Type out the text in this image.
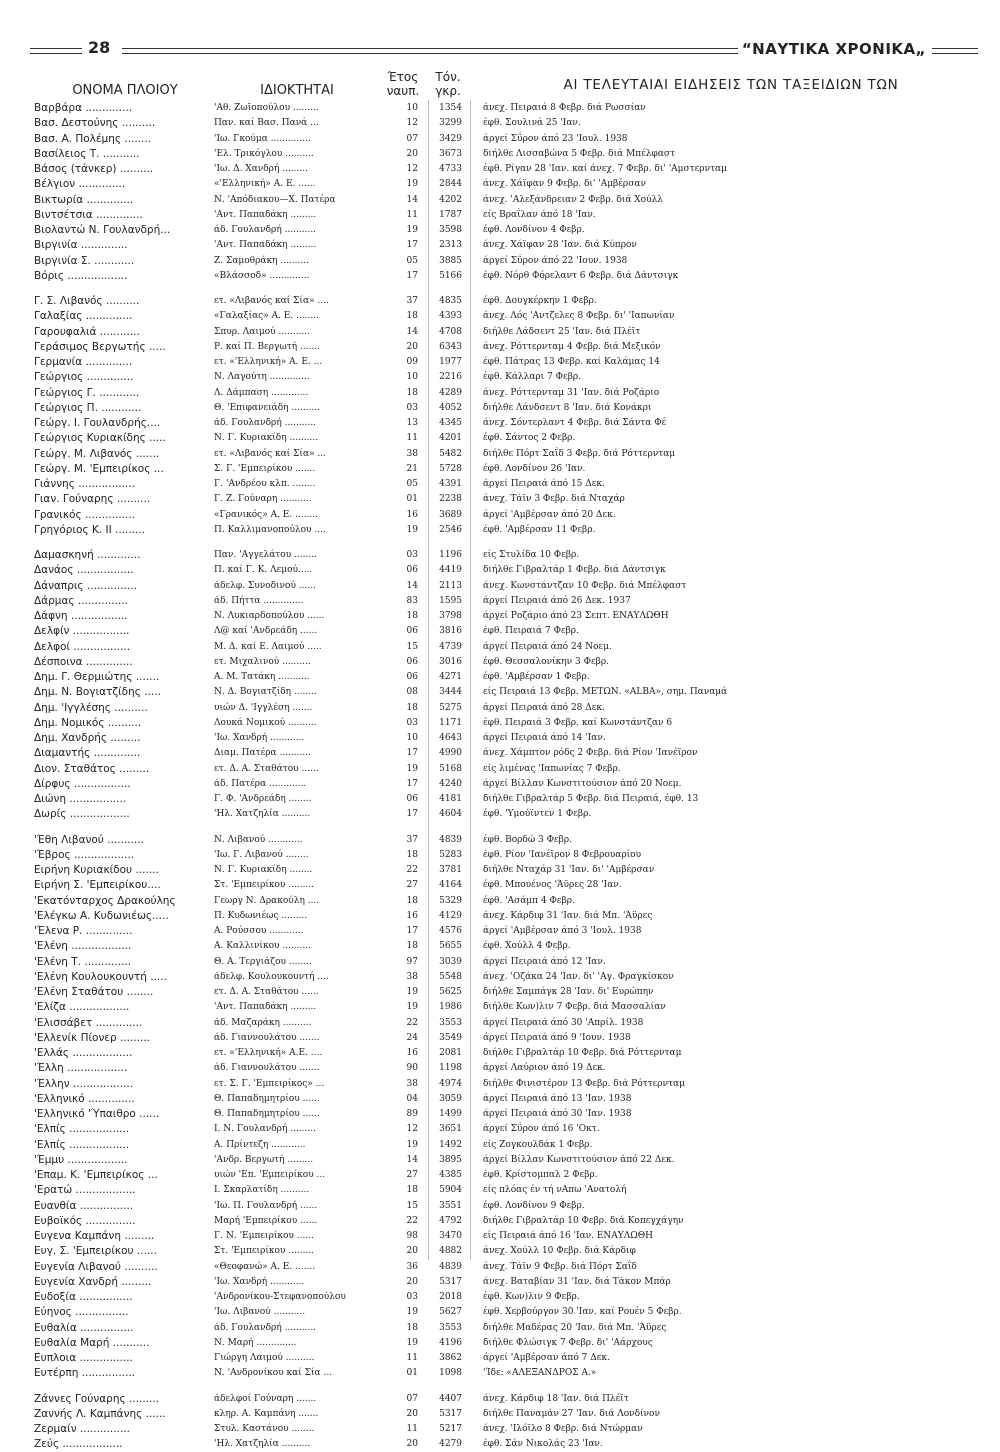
28	“ΝΑΥΤΙΚΑ ΧΡΟΝΙΚΑ„
ΟΝΟΜΑ ΠΛΟΙΟΥ	ΙΔΙΟΚΤΗΤΑΙ
Έτος ναυπ.
Τόν. γκρ.	ΑΙ ΤΕΛΕΥΤΑΙΑΙ ΕΙΔΗΣΕΙΣ ΤΩΝ ΤΑΞΕΙΔΙΩΝ ΤΩΝ
Βαρβάρα ..............	'Αθ. Ζωϊοπούλου .........	10	1354 άνεχ. Πειραιά 8 Φεβρ. διά Ρωσσίαν
Βασ. Δεστούνης ..........	Παν. καί Βασ. Πανά ...	12	3299 έφθ. Σουλινά 25 'Ιαν.
Βασ. Α. Πολέμης ........	'Ιω. Γκούμα ..............	07	3429 άργεί Σΰρον άπό 23 'Ιουλ. 1938
Βασίλειος Τ. ...........	'Ελ. Τρικόγλου ..........	20	3673 διήλθε Λισσαβώνα 5 Φεβρ. διά Μπέλφαστ
Βάσος (τάνκερ) ..........	'Ιω. Δ. Χανδρή .........	12	4733 έφθ. Ρίγαν 28 'Ιαν. καί άνεχ. 7 Φεβρ. δι' 'Αμστερνταμ
Βέλγιον ..............	«'Ελληνική» Α. Ε. ......	19	2844 άνεχ. Χάϊφαν 9 Φεβρ. δι' 'Αμβέρσαν
Βικτωρία ..............	Ν. 'Απόδιακου—Χ. Πατέρα	14	4202 άνεχ. 'Αλεξάνδρειαν 2 Φεβρ. διά Χούλλ
Βιντσέτσια ..............	'Αντ. Παπαδάκη .........	11	1787 είς Βραΐλαν άπό 18 'Ιαν.
Βιολαντώ Ν. Γουλανδρή...	άδ. Γουλανδρή ...........	19	3598 έφθ. Λονδίνον 4 Φεβρ.
Βιργινία ..............	'Αντ. Παπαδάκη .........	17	2313 άνεχ. Χάϊφαν 28 'Ιαν. διά Κύπρον
Βιργινία Σ. ............	Ζ. Σαμοθράκη ..........	05	3885 άργεί Σΰρον άπό 22 'Ιουν. 1938
Βόρις ..................	«Βλάσσοδ» ..............	17	5166 έφθ. Νόρθ Φόρελαντ 6 Φεβρ. διά Δάντσιγκ
Γ. Σ. Λιβανός ..........	ετ. «Λιβανός καί Σία» ....	37	4835 έφθ. Δουγκέρκην 1 Φεβρ.
Γαλαξίας ..............	«Γαλαξίας» Α. Ε. ........	18	4393 άνεχ. Λός 'Αντζελες 8 Φεβρ. δι' 'Ιαπωνίαν
Γαρουφαλιά ............	Σπυρ. Λαιμού ...........	14	4708 διήλθε Λάδσεντ 25 'Ιαν. διά Πλέϊτ
Γεράσιμος Βεργωτής .....	Ρ. καί Π. Βεργωτή .......	20	6343 άνεχ. Ρόττερνταμ 4 Φεβρ. διά Μεξικόν
Γερμανία ..............	ετ. «'Ελληνική» Α. Ε. ...	09	1977 έφθ. Πάτρας 13 Φεβρ. καί Καλάμας 14
Γεώργιος ..............	Ν. Λαγούτη ..............	10	2216 έφθ. Κάλλαρι 7 Φεβρ.
Γεώργιος Γ. ............	Λ. Δάμπαση .............	18	4289 άνεχ. Ρόττερνταμ 31 'Ιαν. διά Ροζάριο
Γεώργιος Π. ............	Θ. 'Επιφανειάδη ..........	03	4052 διήλθε Λάνδσεντ 8 'Ιαν. διά Κονάκρι
Γεώργ. Ι. Γουλανδρής....	άδ. Γουλανδρή ...........	13	4345 άνεχ. Σόντερλαντ 4 Φεβρ. διά Σάντα Φέ
Γεώργιος Κυριακίδης .....	Ν. Γ. Κυριακίδη ..........	11	4201 έφθ. Σάντος 2 Φεβρ.
Γεώργ. Μ. Λιβανός .......	ετ. «Λιβανός καί Σία» ...	38	5482 διήλθε Πόρτ Σαΐδ 3 Φεβρ. διά Ρόττερνταμ
Γεώργ. Μ. 'Εμπειρίκος ...	Σ. Γ. 'Εμπειρίκου .......	21	5728 έφθ. Λονδίνον 26 'Ιαν.
Γιάννης .................	Γ. 'Ανδρέου κλπ. ........	05	4391 άργεί Πειραιά άπό 15 Δεκ.
Γιαν. Γούναρης ..........	Γ. Ζ. Γούναρη ...........	01	2238 άνεχ. Τάϊν 3 Φεβρ. διά Νταχάρ
Γρανικός ...............	«Γρανικός» Α. Ε. ........	16	3689 άργεί 'Αμβέρσαν άπό 20 Δεκ.
Γρηγόριος Κ. ΙΙ .........	Π. Καλλιμανοπούλου ....	19	2546 έφθ. 'Αμβέρσαν 11 Φεβρ.
Δαμασκηνή .............	Παν. 'Αγγελάτου ........	03	1196 είς Στυλίδα 10 Φεβρ.
Δανάος .................	Π. καί Γ. Κ. Λεμού.....	06	4419 διήλθε Γιβραλτάρ 1 Φεβρ. διά Δάντσιγκ
Δάναπρις ...............	άδελφ. Συνοδινού ......	14	2113 άνεχ. Κωνστάντζαν 10 Φεβρ. διά Μπέλφαστ
Δάρμας ...............	άδ. Πήττα ..............	83	1595 άργεί Πειραιά άπό 26 Δεκ. 1937
Δάφνη .................	Ν. Λυκιαρδοπούλου ......	18	3798 άργεί Ροζάριο άπό 23 Σεπτ. ΕΝΑΥΛΩΘΗ
Δελφίν .................	Λ@ καί 'Ανδρεάδη ......	06	3816 έφθ. Πειραιά 7 Φεβρ.
Δελφοί .................	Μ. Δ. καί Ε. Λαιμού .....	15	4739 άργεί Πειραιά άπό 24 Νοεμ.
Δέσποινα ..............	ετ. Μιχαλινού ..........	06	3016 έφθ. Θεσσαλονίκην 3 Φεβρ.
Δημ. Γ. Θερμιώτης .......	Α. Μ. Τατάκη ...........	06	4271 έφθ. 'Αμβέρσαν 1 Φεβρ.
Δημ. Ν. Βογιατζίδης .....	Ν. Δ. Βογιατζίδη ........	08	3444 είς Πειραιά 13 Φεβρ. ΜΕΤΩΝ. «ALBA», σημ. Παναμά
Δημ. 'Ιγγλέσης ..........	υιών Δ. 'Ιγγλέση .......	18	5275 άργεί Πειραιά άπό 28 Δεκ.
Δημ. Νομικός ..........	Λουκά Νομικού ..........	03	1171 έφθ. Πειραιά 3 Φεβρ. καί Κωνστάντζαν 6
Δημ. Χανδρής .........	'Ιω. Χανδρή ............	10	4643 άργεί Πειραιά άπό 14 'Ιαν.
Διαμαντής ..............	Διαμ. Πατέρα ...........	17	4990 άνεχ. Χάμπτον ρόδς 2 Φεβρ. διά Ρίον 'Ιανέϊρον
Διον. Σταθάτος .........	ετ. Δ. Α. Σταθάτου ......	19	5168 είς λιμένας 'Ιαπωνίας 7 Φεβρ.
Δίρφυς .................	άδ. Πατέρα .............	17	4240 άργεί Βίλλαν Κωνστιτούσιον άπό 20 Νοεμ.
Διώνη .................	Γ. Φ. 'Ανδρεάδη ........	06	4181 διήλθε Γιβραλτάρ 5 Φεβρ. διά Πειραιά, έφθ. 13
Δωρίς ..................	'Ηλ. Χατζηλία ..........	17	4604 έφθ. 'Υμούϊντεν 1 Φεβρ.
'Έθη Λιβανού ...........	Ν. Λιβανού ............	37	4839 έφθ. Βορδώ 3 Φεβρ.
'Έβρος ..................	'Ιω. Γ. Λιβανού ........	18	5283 έφθ. Ρίον 'Ιανέϊρον 8 Φεβρουαρίου
Ειρήνη Κυριακίδου .......	Ν. Γ. Κυριακίδη ........	22	3781 διήλθε Νταχάρ 31 'Ιαν. δι' 'Αμβέρσαν
Ειρήνη Σ. 'Εμπειρίκου....	Στ. 'Εμπειρίκου .........	27	4164 έφθ. Μπουένος 'Άϋρες 28 'Ιαν.
'Εκατόνταρχος Δρακούλης	Γεωργ Ν. Δρακούλη ....	18	5329 έφθ. 'Ασάμπ 4 Φεβρ.
'Ελέγκω Α. Κυδωνιέως.....	Π. Κυδωνιέως .........	16	4129 άνεχ. Κάρδιφ 31 'Ιαν. διά Μπ. 'Άϋρες
'Έλενα Ρ. ..............	Α. Ρούσσου ............	17	4576 άργεί 'Αμβέρσαν άπό 3 'Ιουλ. 1938
'Ελένη ..................	Α. Καλλινίκου ..........	18	5655 έφθ. Χούλλ 4 Φεβρ.
'Ελένη Τ. ..............	Θ. Α. Τεργιάζου ........	97	3039 άργεί Πειραιά άπό 12 'Ιαν.
'Ελένη Κουλουκουντή .....	άδελφ. Κουλουκουντή ....	38	5548 άνεχ. 'Οζάκα 24 'Ιαν. δι' 'Αγ. Φραγκίσκον
'Ελένη Σταθάτου ........	ετ. Δ. Α. Σταθάτου ......	19	5625 διήλθε Σαμπάγκ 28 'Ιαν. δι' Ευρώπην
'Ελίζα ..................	'Αντ. Παπαδάκη .........	19	1986 διήλθε Κων)λιν 7 Φεβρ. διά Μασσαλίαν
'Ελισσάβετ ..............	άδ. Μαζαράκη ..........	22	3553 άργεί Πειραιά άπό 30 'Απρίλ. 1938
'Ελλενίκ Πίονερ .........	άδ. Γιαννουλάτου .......	24	3549 άργεί Πειραιά άπό 9 'Ιουν. 1938
'Ελλάς ..................	ετ. «'Ελληνική» Α.Ε. ....	16	2081 διήλθε Γιβραλτάρ 10 Φεβρ. διά Ρόττερνταμ
'Έλλη ..................	άδ. Γιαννουλάτου .......	90	1198 άργεί Λαύριον άπό 19 Δεκ.
'Έλλην ..................	ετ. Σ. Γ. 'Εμπειρίκος» ...	38	4974 διήλθε Φινιστέρον 13 Φεβρ. διά Ρόττερνταμ
'Ελληνικό ..............	Θ. Παπαδημητρίου ......	04	3059 άργεί Πειραιά άπό 13 'Ιαν. 1938
'Ελληνικό 'Ύπαιθρο ......	Θ. Παπαδημητρίου ......	89	1499 άργεί Πειραιά άπό 30 'Ιαν. 1938
'Ελπίς ..................	Ι. Ν. Γουλανδρή .........	12	3651 άργεί Σΰρον άπό 16 'Οκτ.
'Ελπίς ..................	Α. Πρίντεζη ............	19	1492 είς Ζογκουλδάκ 1 Φεβρ.
'Έμμυ ..................	'Ανδρ. Βεργωτή .........	14	3895 άργεί Βίλλαν Κωνστιτούσιον άπό 22 Δεκ.
'Επαμ. Κ. 'Εμπειρίκος ...	υιών 'Επ. 'Εμπειρίκου ...	27	4385 έφθ. Κρίστομπαλ 2 Φεβρ.
'Ερατώ ..................	Ι. Σκαρλατίδη ..........	18	5904 είς πλόας έν τή νΑπω 'Ανατολή
Ευανθία ................	'Ιω. Π. Γουλανδρή ......	15	3551 έφθ. Λονδίνον 9 Φεβρ.
Ευβοϊκός ...............	Μαρή 'Εμπειρίκου ......	22	4792 διήλθε Γιβραλτάρ 10 Φεβρ. διά Κοπεγχάγην
Ευγενα Καμπάνη .........	Γ. Ν. 'Εμπειρίκου ......	98	3470 είς Πειραιά άπό 16 'Ιαν. ΕΝΑΥΛΩΘΗ
Ευγ. Σ. 'Εμπειρίκου ......	Στ. 'Εμπειρίκου .........	20	4882 άνεχ. Χούλλ 10 Φεβρ. διά Κάρδιφ
Ευγενία Λιβανού ..........	«Θεοφανώ» Α. Ε. .......	36	4839 άνεχ. Τάϊν 9 Φεβρ. διά Πόρτ Σαΐδ
Ευγενία Χανδρή .........	'Ιω. Χανδρή ............	20	5317 άνεχ. Βαταβίαν 31 'Ιαν. διά Τάκον Μπάρ
Ευδοξία ................	'Ανδρονίκου-Στεφανοπούλου	03	2018 έφθ. Κων)λιν 9 Φεβρ.
Εύηνος ................	'Ιω. Λιβανού ...........	19	5627 έφθ. Χερβούργον 30 'Ιαν. καί Ρουέν 5 Φεβρ.
Ευθαλία ................	άδ. Γουλανδρή ...........	18	3553 διήλθε Μαδέρας 20 'Ιαν. διά Μπ. 'Άϋρες
Ευθαλία Μαρή ...........	Ν. Μαρή ..............	19	4196 διήλθε Φλώσιγκ 7 Φεβρ. δι' 'Αάρχους
Ευπλοια ................	Γιώργη Λαιμού ..........	11	3862 άργεί 'Αμβέρσαν άπό 7 Δεκ.
Ευτέρπη ................	Ν. 'Ανδρονίκου καί Σία ...	01	1098 'Ίδε: «ΑΛΕΞΑΝΔΡΟΣ Α.»
Ζάννες Γούναρης .........	άδελφοί Γούναρη .......	07	4407 άνεχ. Κάρδιφ 18 'Ιαν. διά Πλέϊτ
Ζαννής Λ. Καμπάνης ......	κληρ. Α. Καμπάνη .......	20	5317 διήλθε Παναμάν 27 'Ιαν. διά Λονδίνον
Ζερμαίν ...............	Στυλ. Καστάνου ........	11	5217 άνεχ. 'Ιλόϊλο 8 Φεβρ. διά Ντώρμαν
Ζεύς ..................	'Ηλ. Χατζηλία ..........	20	4279 έφθ. Σάν Νικολάς 23 'Ιαν.
